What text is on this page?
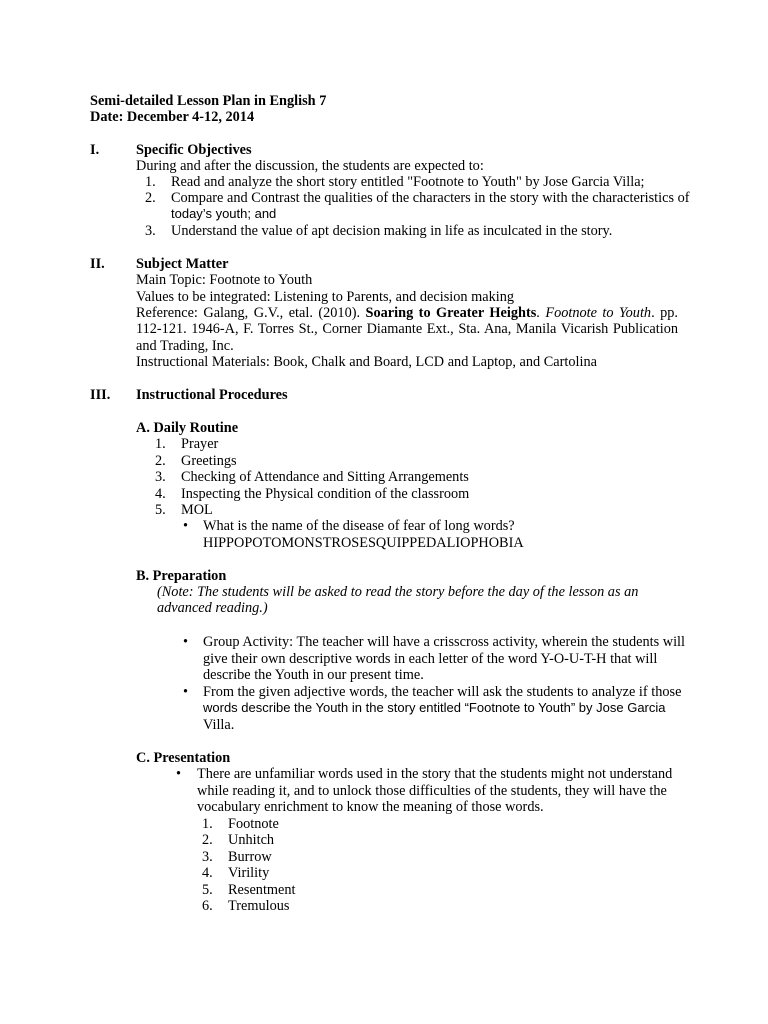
Semi-detailed Lesson Plan in English 7
Date: December 4-12, 2014
I.	Specific Objectives
During and after the discussion, the students are expected to:
1. Read and analyze the short story entitled "Footnote to Youth" by Jose Garcia Villa;
2. Compare and Contrast the qualities of the characters in the story with the characteristics of
today’s youth; and
3. Understand the value of apt decision making in life as inculcated in the story.
II. Subject Matter
Main Topic: Footnote to Youth
Values to be integrated: Listening to Parents, and decision making
Reference: Galang, G.V., etal. (2010). Soaring to Greater Heights. Footnote to Youth. pp. 112-121. 1946-A, F. Torres St., Corner Diamante Ext., Sta. Ana, Manila Vicarish Publication and Trading, Inc.
Instructional Materials: Book, Chalk and Board, LCD and Laptop, and Cartolina
III. Instructional Procedures
A. Daily Routine
1. Prayer
2. Greetings
3. Checking of Attendance and Sitting Arrangements
4. Inspecting the Physical condition of the classroom
5. MOL
• What is the name of the disease of fear of long words?
HIPPOPOTOMONSTROSESQUIPPEDALIOPHOBIA
B. Preparation
(Note: The students will be asked to read the story before the day of the lesson as an
advanced reading.)
• Group Activity: The teacher will have a crisscross activity, wherein the students will
give their own descriptive words in each letter of the word Y-O-U-T-H that will
describe the Youth in our present time.
• From the given adjective words, the teacher will ask the students to analyze if those
words describe the Youth in the story entitled “Footnote to Youth” by Jose Garcia
Villa.
C. Presentation
• There are unfamiliar words used in the story that the students might not understand
while reading it, and to unlock those difficulties of the students, they will have the
vocabulary enrichment to know the meaning of those words.
1. Footnote
2. Unhitch
3. Burrow
4. Virility
5. Resentment
6. Tremulous
